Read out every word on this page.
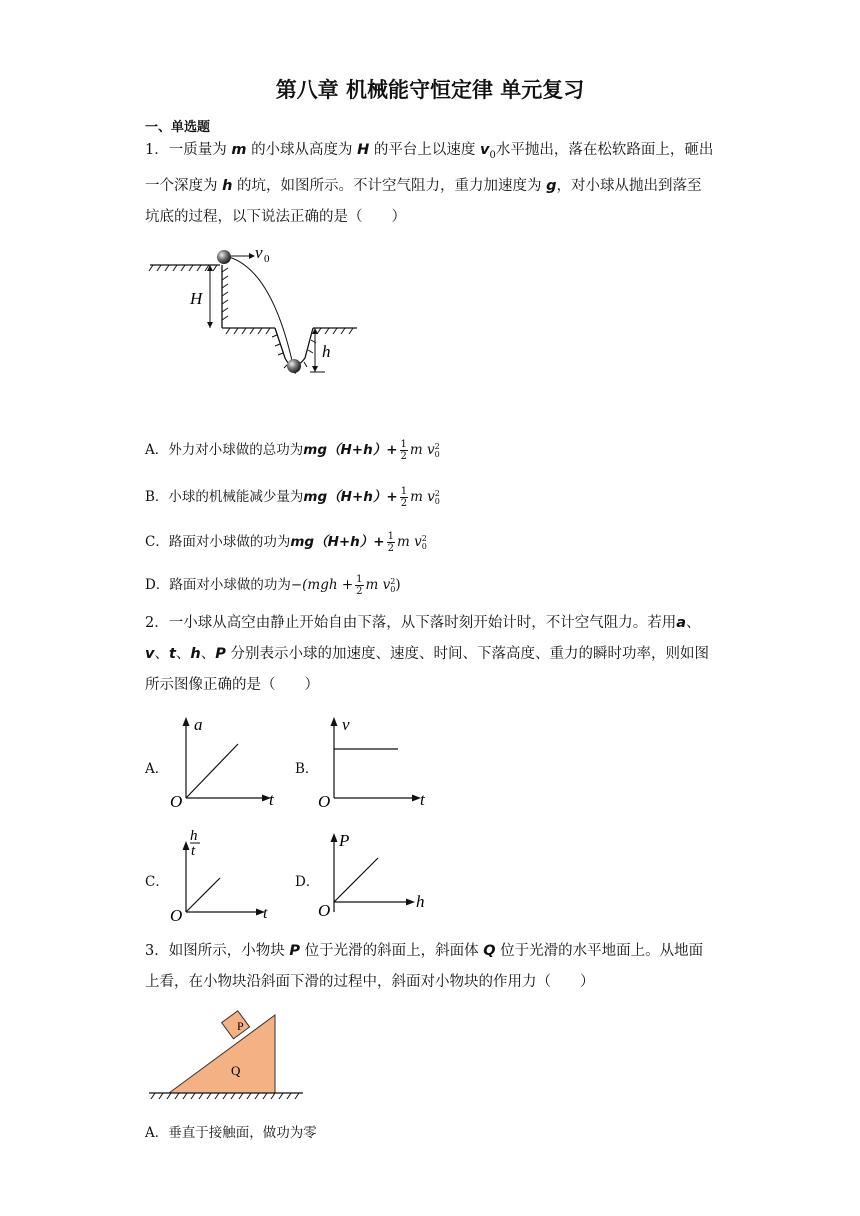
第八章 机械能守恒定律 单元复习
一、单选题
1．一质量为 m 的小球从高度为 H 的平台上以速度 $v_0$水平抛出，落在松软路面上，砸出
一个深度为 h 的坑，如图所示。不计空气阻力，重力加速度为 g，对小球从抛出到落至
坑底的过程，以下说法正确的是（　　）
v 0
H
h
A．外力对小球做的总功为$mg(H+h)+ \frac{1}{2}$ m v 2
0
B．小球的机械能减少量为$mg(H+h)+ \frac{1}{2}$ m v 2
0
C．路面对小球做的功为$mg(H+h)+ \frac{1}{2}$ m v 2
0
D．路面对小球做的功为$-(mgh + \frac{1}{2}$ m v 2
0 )
2．一小球从高空由静止开始自由下落，从下落时刻开始计时，不计空气阻力。若用a、
v、t、h、P 分别表示小球的加速度、速度、时间、下落高度、重力的瞬时功率，则如图
所示图像正确的是（　　）
A．
a
t
O
B．
v
t
O
C．
h
t
t
O
D．
P
h
O
3．如图所示，小物块 P 位于光滑的斜面上，斜面体 Q 位于光滑的水平地面上。从地面
上看，在小物块沿斜面下滑的过程中，斜面对小物块的作用力（　　）
P
Q
A．垂直于接触面，做功为零
